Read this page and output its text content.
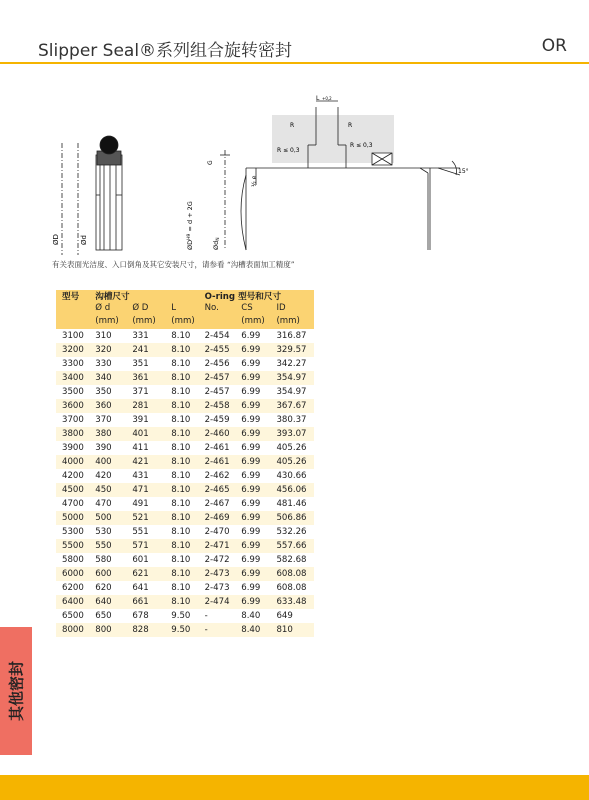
Slipper Seal®系列组合旋转密封	OR
ØD	Ød
L +0,2
R	R
R ≤ 0,3
R ≤ 0,3
15°
G
½ e
$ØD^{H9} = d + 2G$
ØdN
有关表面光洁度、入口倒角及其它安装尺寸，请参看 “沟槽表面加工精度”
型号	沟槽尺寸			O-ring 型号和尺寸		
	Ø d	Ø D	L	No.	CS	ID
	(mm)	(mm)	(mm)		(mm)	(mm)
3100	310	331	8.10	2-454	6.99	316.87
3200	320	241	8.10	2-455	6.99	329.57
3300	330	351	8.10	2-456	6.99	342.27
3400	340	361	8.10	2-457	6.99	354.97
3500	350	371	8.10	2-457	6.99	354.97
3600	360	281	8.10	2-458	6.99	367.67
3700	370	391	8.10	2-459	6.99	380.37
3800	380	401	8.10	2-460	6.99	393.07
3900	390	411	8.10	2-461	6.99	405.26
4000	400	421	8.10	2-461	6.99	405.26
4200	420	431	8.10	2-462	6.99	430.66
4500	450	471	8.10	2-465	6.99	456.06
4700	470	491	8.10	2-467	6.99	481.46
5000	500	521	8.10	2-469	6.99	506.86
5300	530	551	8.10	2-470	6.99	532.26
5500	550	571	8.10	2-471	6.99	557.66
5800	580	601	8.10	2-472	6.99	582.68
6000	600	621	8.10	2-473	6.99	608.08
6200	620	641	8.10	2-473	6.99	608.08
6400	640	661	8.10	2-474	6.99	633.48
6500	650	678	9.50	-	8.40	649
8000	800	828	9.50	-	8.40	810
其他密封
